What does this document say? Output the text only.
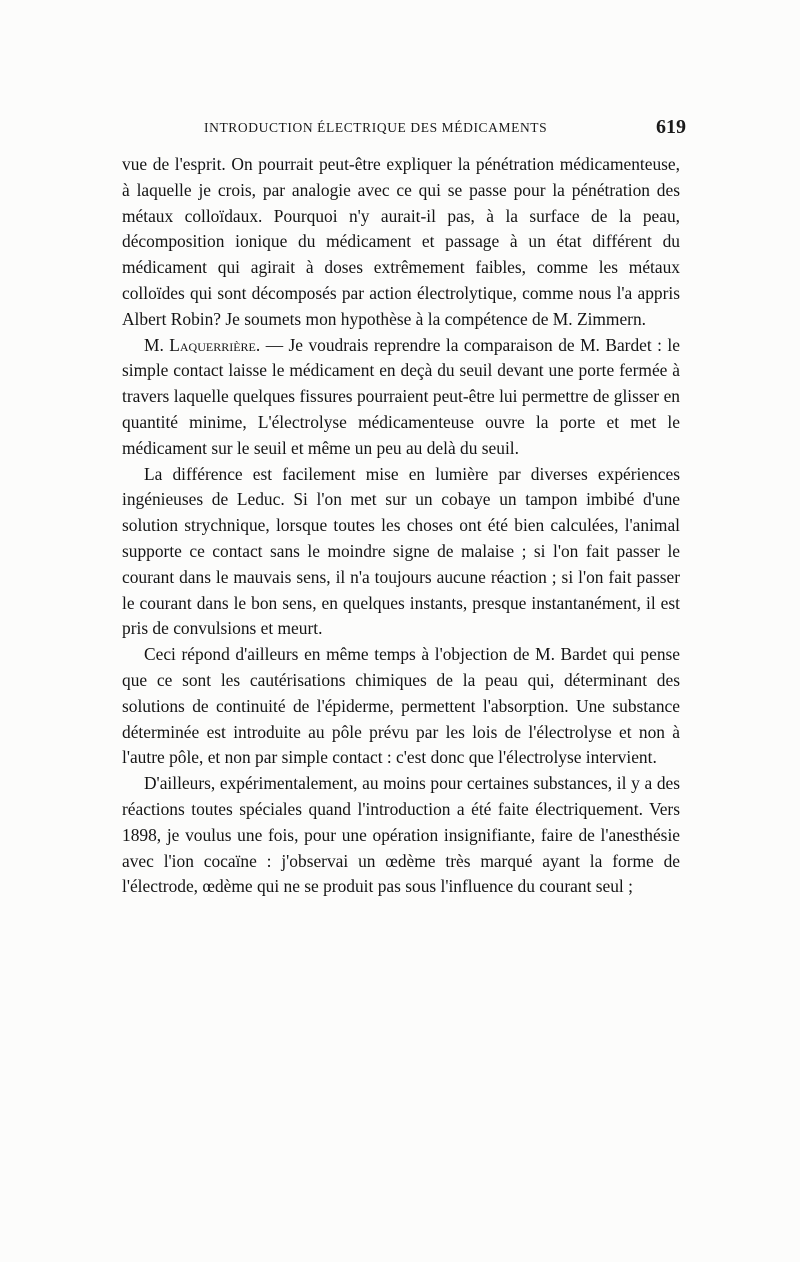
INTRODUCTION ÉLECTRIQUE DES MÉDICAMENTS	619

vue de l'esprit. On pourrait peut-être expliquer la pénétration médicamenteuse, à laquelle je crois, par analogie avec ce qui se passe pour la pénétration des métaux colloïdaux. Pourquoi n'y aurait-il pas, à la surface de la peau, décomposition ionique du médicament et passage à un état différent du médicament qui agirait à doses extrêmement faibles, comme les métaux colloïdes qui sont décomposés par action électrolytique, comme nous l'a appris Albert Robin? Je soumets mon hypothèse à la compétence de M. Zimmern.

M. Laquerrière. — Je voudrais reprendre la comparaison de M. Bardet : le simple contact laisse le médicament en deçà du seuil devant une porte fermée à travers laquelle quelques fissures pourraient peut-être lui permettre de glisser en quantité minime, L'électrolyse médicamenteuse ouvre la porte et met le médicament sur le seuil et même un peu au delà du seuil.

La différence est facilement mise en lumière par diverses expériences ingénieuses de Leduc. Si l'on met sur un cobaye un tampon imbibé d'une solution strychnique, lorsque toutes les choses ont été bien calculées, l'animal supporte ce contact sans le moindre signe de malaise ; si l'on fait passer le courant dans le mauvais sens, il n'a toujours aucune réaction ; si l'on fait passer le courant dans le bon sens, en quelques instants, presque instantanément, il est pris de convulsions et meurt.

Ceci répond d'ailleurs en même temps à l'objection de M. Bardet qui pense que ce sont les cautérisations chimiques de la peau qui, déterminant des solutions de continuité de l'épiderme, permettent l'absorption. Une substance déterminée est introduite au pôle prévu par les lois de l'électrolyse et non à l'autre pôle, et non par simple contact : c'est donc que l'électrolyse intervient.

D'ailleurs, expérimentalement, au moins pour certaines substances, il y a des réactions toutes spéciales quand l'introduction a été faite électriquement. Vers 1898, je voulus une fois, pour une opération insignifiante, faire de l'anesthésie avec l'ion cocaïne : j'observai un œdème très marqué ayant la forme de l'électrode, œdème qui ne se produit pas sous l'influence du courant seul ;
